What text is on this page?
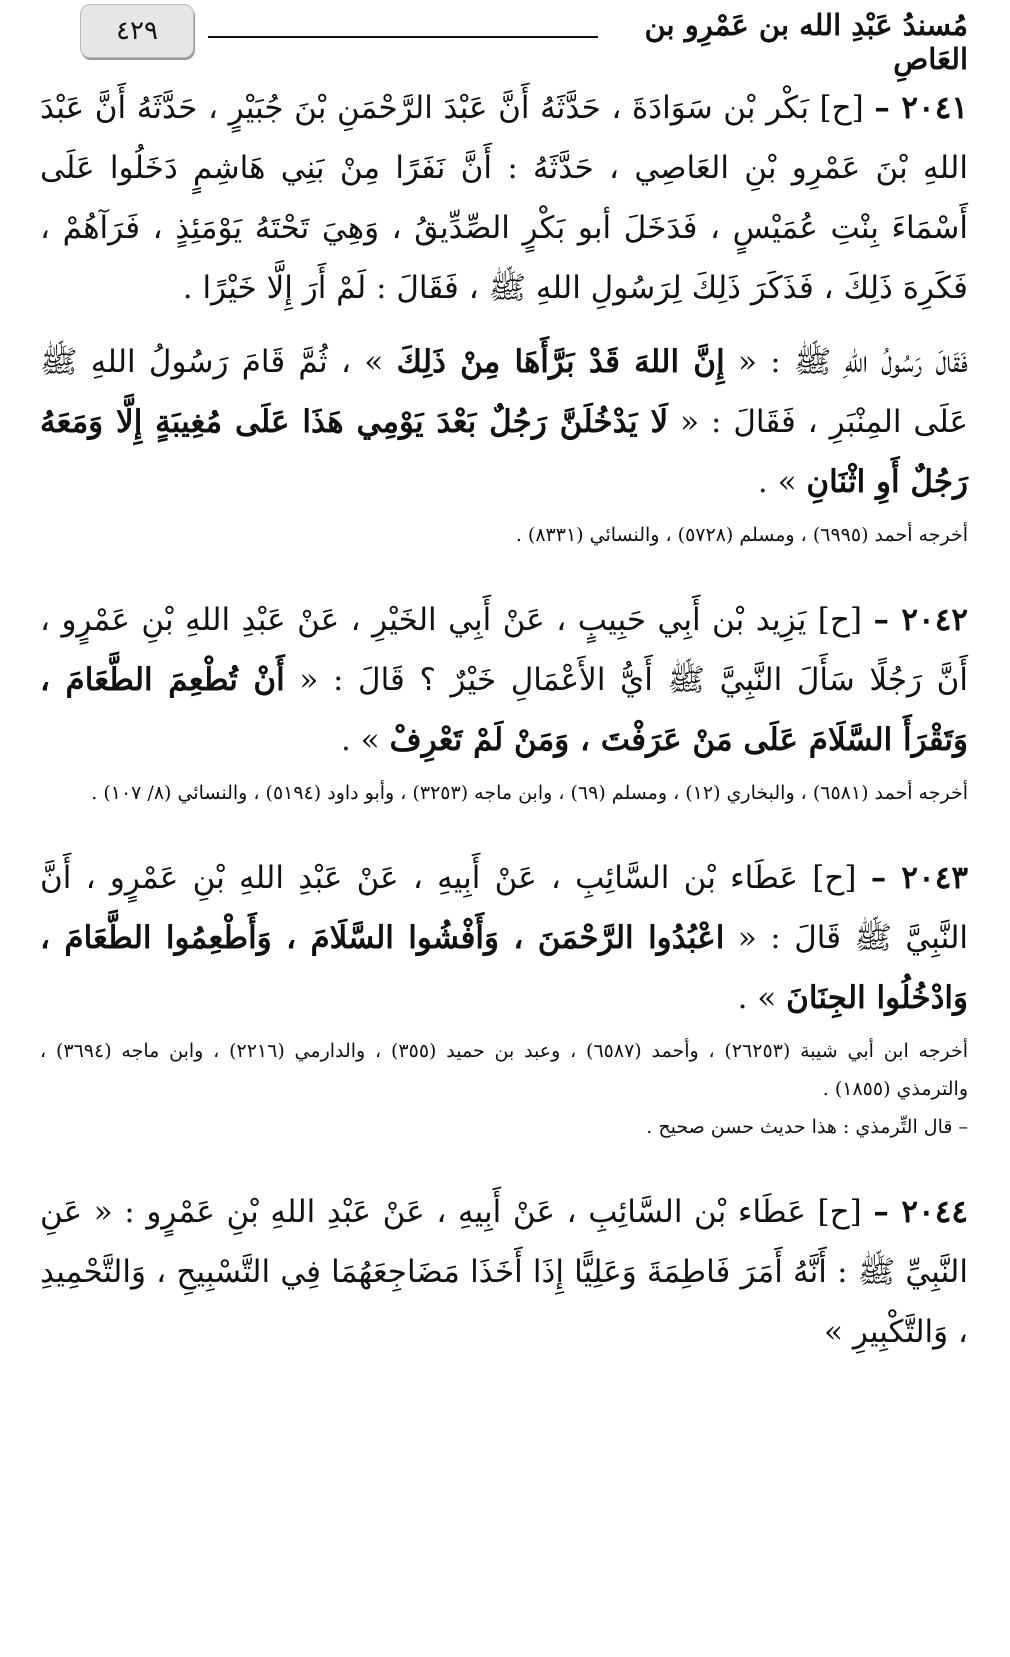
٤٢٩	مُسندُ عَبْدِ الله بن عَمْرِو بن العَاصِ

٢٠٤١ – [ح] بَكْر بْن سَوَادَةَ ، حَدَّثَهُ أَنَّ عَبْدَ الرَّحْمَنِ بْنَ جُبَيْرٍ ، حَدَّثَهُ أَنَّ عَبْدَ اللهِ بْنَ عَمْرِو بْنِ العَاصِي ، حَدَّثَهُ : أَنَّ نَفَرًا مِنْ بَنِي هَاشِمٍ دَخَلُوا عَلَى أَسْمَاءَ بِنْتِ عُمَيْسٍ ، فَدَخَلَ أبو بَكْرٍ الصِّدِّيقُ ، وَهِيَ تَحْتَهُ يَوْمَئِذٍ ، فَرَآهُمْ ، فَكَرِهَ ذَلِكَ ، فَذَكَرَ ذَلِكَ لِرَسُولِ اللهِ ﷺ ، فَقَالَ : لَمْ أَرَ إِلَّا خَيْرًا .

فَقَالَ رَسُولُ اللهِ ﷺ : « إِنَّ اللهَ قَدْ بَرَّأَهَا مِنْ ذَلِكَ » ، ثُمَّ قَامَ رَسُولُ اللهِ ﷺ عَلَى المِنْبَرِ ، فَقَالَ : « لَا يَدْخُلَنَّ رَجُلٌ بَعْدَ يَوْمِي هَذَا عَلَى مُغِيبَةٍ إِلَّا وَمَعَهُ رَجُلٌ أَوِ اثْنَانِ » .

أخرجه أحمد (٦٩٩٥) ، ومسلم (٥٧٢٨) ، والنسائي (٨٣٣١) .

٢٠٤٢ – [ح] يَزِيد بْن أَبِي حَبِيبٍ ، عَنْ أَبِي الخَيْرِ ، عَنْ عَبْدِ اللهِ بْنِ عَمْرٍو ، أَنَّ رَجُلًا سَأَلَ النَّبِيَّ ﷺ أَيُّ الأَعْمَالِ خَيْرٌ ؟ قَالَ : « أَنْ تُطْعِمَ الطَّعَامَ ، وَتَقْرَأَ السَّلَامَ عَلَى مَنْ عَرَفْتَ ، وَمَنْ لَمْ تَعْرِفْ » .

أخرجه أحمد (٦٥٨١) ، والبخاري (١٢) ، ومسلم (٦٩) ، وابن ماجه (٣٢٥٣) ، وأبو داود (٥١٩٤) ، والنسائي (٨/ ١٠٧) .

٢٠٤٣ – [ح] عَطَاء بْن السَّائِبِ ، عَنْ أَبِيهِ ، عَنْ عَبْدِ اللهِ بْنِ عَمْرٍو ، أَنَّ النَّبِيَّ ﷺ قَالَ : « اعْبُدُوا الرَّحْمَنَ ، وَأَفْشُوا السَّلَامَ ، وَأَطْعِمُوا الطَّعَامَ ، وَادْخُلُوا الجِنَانَ » .

أخرجه ابن أبي شيبة (٢٦٢٥٣) ، وأحمد (٦٥٨٧) ، وعبد بن حميد (٣٥٥) ، والدارمي (٢٢١٦) ، وابن ماجه (٣٦٩٤) ، والترمذي (١٨٥٥) .

– قال التِّرمذي : هذا حديث حسن صحيح .

٢٠٤٤ – [ح] عَطَاء بْن السَّائِبِ ، عَنْ أَبِيهِ ، عَنْ عَبْدِ اللهِ بْنِ عَمْرٍو : « عَنِ النَّبِيِّ ﷺ : أَنَّهُ أَمَرَ فَاطِمَةَ وَعَلِيًّا إِذَا أَخَذَا مَضَاجِعَهُمَا فِي التَّسْبِيحِ ، وَالتَّحْمِيدِ ، وَالتَّكْبِيرِ »
